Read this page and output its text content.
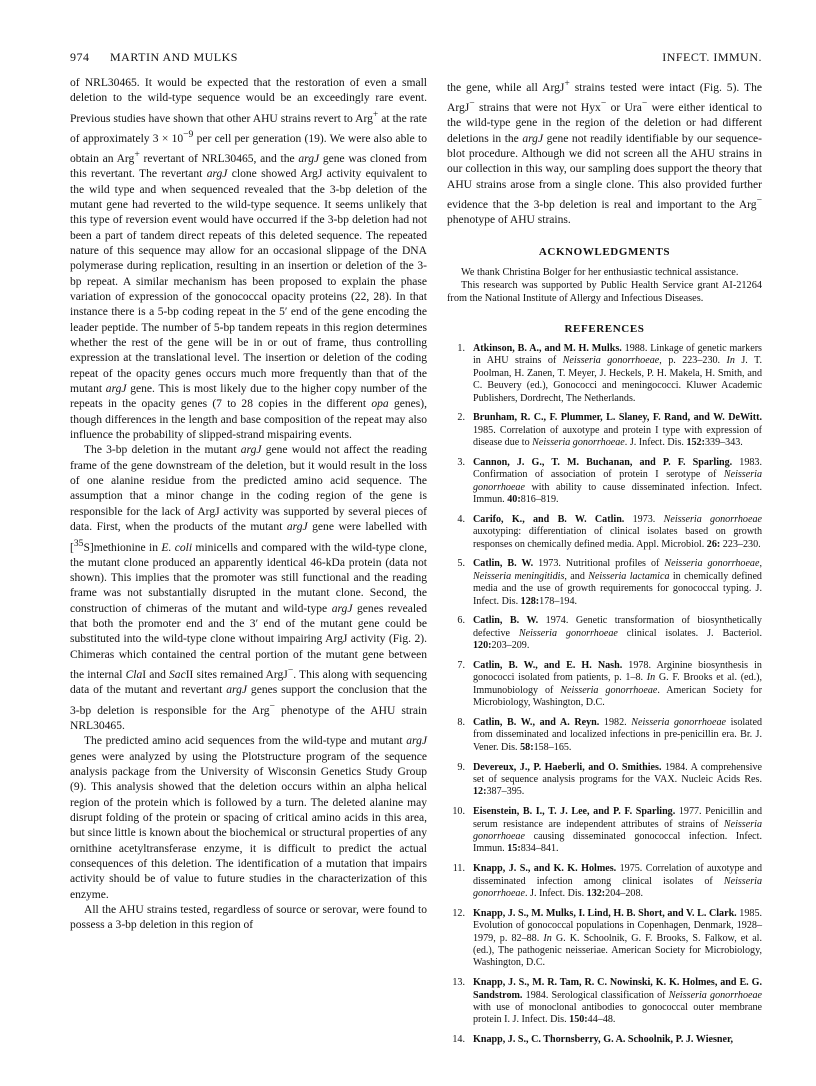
974 MARTIN AND MULKS	INFECT. IMMUN.

of NRL30465. It would be expected that the restoration of even a small deletion to the wild-type sequence would be an exceedingly rare event. Previous studies have shown that other AHU strains revert to Arg+ at the rate of approximately $3 \times 10^{-9}$ per cell per generation (19). We were also able to obtain an Arg+ revertant of NRL30465, and the argJ gene was cloned from this revertant. The revertant argJ clone showed ArgJ activity equivalent to the wild type and when sequenced revealed that the 3-bp deletion of the mutant gene had reverted to the wild-type sequence. It seems unlikely that this type of reversion event would have occurred if the 3-bp deletion had not been a part of tandem direct repeats of this deleted sequence. The repeated nature of this sequence may allow for an occasional slippage of the DNA polymerase during replication, resulting in an insertion or deletion of the 3-bp repeat. A similar mechanism has been proposed to explain the phase variation of expression of the gonococcal opacity proteins (22, 28). In that instance there is a 5-bp coding repeat in the 5′ end of the gene encoding the leader peptide. The number of 5-bp tandem repeats in this region determines whether the rest of the gene will be in or out of frame, thus controlling expression at the translational level. The insertion or deletion of the coding repeat of the opacity genes occurs much more frequently than that of the mutant argJ gene. This is most likely due to the higher copy number of the repeats in the opacity genes (7 to 28 copies in the different opa genes), though differences in the length and base composition of the repeat may also influence the probability of slipped-strand mispairing events.

The 3-bp deletion in the mutant argJ gene would not affect the reading frame of the gene downstream of the deletion, but it would result in the loss of one alanine residue from the predicted amino acid sequence. The assumption that a minor change in the coding region of the gene is responsible for the lack of ArgJ activity was supported by several pieces of data. First, when the products of the mutant argJ gene were labelled with [$^{35}$S]methionine in E. coli minicells and compared with the wild-type clone, the mutant clone produced an apparently identical 46-kDa protein (data not shown). This implies that the promoter was still functional and the reading frame was not substantially disrupted in the mutant clone. Second, the construction of chimeras of the mutant and wild-type argJ genes revealed that both the promoter end and the 3′ end of the mutant gene could be substituted into the wild-type clone without impairing ArgJ activity (Fig. 2). Chimeras which contained the central portion of the mutant gene between the internal ClaI and SacII sites remained ArgJ−. This along with sequencing data of the mutant and revertant argJ genes support the conclusion that the 3-bp deletion is responsible for the Arg− phenotype of the AHU strain NRL30465.

The predicted amino acid sequences from the wild-type and mutant argJ genes were analyzed by using the Plotstructure program of the sequence analysis package from the University of Wisconsin Genetics Study Group (9). This analysis showed that the deletion occurs within an alpha helical region of the protein which is followed by a turn. The deleted alanine may disrupt folding of the protein or spacing of critical amino acids in this area, but since little is known about the biochemical or structural properties of any ornithine acetyltransferase enzyme, it is difficult to predict the actual consequences of this deletion. The identification of a mutation that impairs activity should be of value to future studies in the characterization of this enzyme.

All the AHU strains tested, regardless of source or serovar, were found to possess a 3-bp deletion in this region of

the gene, while all ArgJ+ strains tested were intact (Fig. 5). The ArgJ− strains that were not Hyx− or Ura− were either identical to the wild-type gene in the region of the deletion or had different deletions in the argJ gene not readily identifiable by our sequence-blot procedure. Although we did not screen all the AHU strains in our collection in this way, our sampling does support the theory that AHU strains arose from a single clone. This also provided further evidence that the 3-bp deletion is real and important to the Arg− phenotype of AHU strains.

ACKNOWLEDGMENTS

We thank Christina Bolger for her enthusiastic technical assistance.

This research was supported by Public Health Service grant AI-21264 from the National Institute of Allergy and Infectious Diseases.

REFERENCES
1. Atkinson, B. A., and M. H. Mulks. 1988. Linkage of genetic markers in AHU strains of Neisseria gonorrhoeae, p. 223–230. In J. T. Poolman, H. Zanen, T. Meyer, J. Heckels, P. H. Makela, H. Smith, and C. Beuvery (ed.), Gonococci and meningococci. Kluwer Academic Publishers, Dordrecht, The Netherlands.
2. Brunham, R. C., F. Plummer, L. Slaney, F. Rand, and W. DeWitt. 1985. Correlation of auxotype and protein I type with expression of disease due to Neisseria gonorrhoeae. J. Infect. Dis. 152:339–343.
3. Cannon, J. G., T. M. Buchanan, and P. F. Sparling. 1983. Confirmation of association of protein I serotype of Neisseria gonorrhoeae with ability to cause disseminated infection. Infect. Immun. 40:816–819.
4. Carifo, K., and B. W. Catlin. 1973. Neisseria gonorrhoeae auxotyping: differentiation of clinical isolates based on growth responses on chemically defined media. Appl. Microbiol. 26: 223–230.
5. Catlin, B. W. 1973. Nutritional profiles of Neisseria gonorrhoeae, Neisseria meningitidis, and Neisseria lactamica in chemically defined media and the use of growth requirements for gonococcal typing. J. Infect. Dis. 128:178–194.
6. Catlin, B. W. 1974. Genetic transformation of biosynthetically defective Neisseria gonorrhoeae clinical isolates. J. Bacteriol. 120:203–209.
7. Catlin, B. W., and E. H. Nash. 1978. Arginine biosynthesis in gonococci isolated from patients, p. 1–8. In G. F. Brooks et al. (ed.), Immunobiology of Neisseria gonorrhoeae. American Society for Microbiology, Washington, D.C.
8. Catlin, B. W., and A. Reyn. 1982. Neisseria gonorrhoeae isolated from disseminated and localized infections in pre-penicillin era. Br. J. Vener. Dis. 58:158–165.
9. Devereux, J., P. Haeberli, and O. Smithies. 1984. A comprehensive set of sequence analysis programs for the VAX. Nucleic Acids Res. 12:387–395.
10. Eisenstein, B. I., T. J. Lee, and P. F. Sparling. 1977. Penicillin and serum resistance are independent attributes of strains of Neisseria gonorrhoeae causing disseminated gonococcal infection. Infect. Immun. 15:834–841.
11. Knapp, J. S., and K. K. Holmes. 1975. Correlation of auxotype and disseminated infection among clinical isolates of Neisseria gonorrhoeae. J. Infect. Dis. 132:204–208.
12. Knapp, J. S., M. Mulks, I. Lind, H. B. Short, and V. L. Clark. 1985. Evolution of gonococcal populations in Copenhagen, Denmark, 1928–1979, p. 82–88. In G. K. Schoolnik, G. F. Brooks, S. Falkow, et al. (ed.), The pathogenic neisseriae. American Society for Microbiology, Washington, D.C.
13. Knapp, J. S., M. R. Tam, R. C. Nowinski, K. K. Holmes, and E. G. Sandstrom. 1984. Serological classification of Neisseria gonorrhoeae with use of monoclonal antibodies to gonococcal outer membrane protein I. J. Infect. Dis. 150:44–48.
14. Knapp, J. S., C. Thornsberry, G. A. Schoolnik, P. J. Wiesner,
